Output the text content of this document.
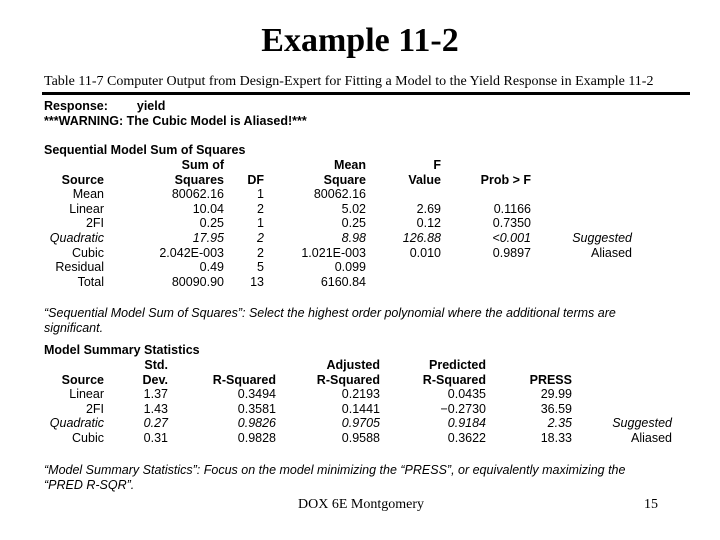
Example 11-2
Table 11-7 Computer Output from Design-Expert for Fitting a Model to the Yield Response in Example 11-2
Response: yield
***WARNING: The Cubic Model is Aliased!***
Sequential Model Sum of Squares
	Sum of		Mean	F		
Source	Squares	DF	Square	Value	Prob > F	
Mean	80062.16	1	80062.16			
Linear	10.04	2	5.02	2.69	0.1166	
2FI	0.25	1	0.25	0.12	0.7350	
Quadratic	17.95	2	8.98	126.88	<0.001	Suggested
Cubic	2.042E-003	2	1.021E-003	0.010	0.9897	Aliased
Residual	0.49	5	0.099			
Total	80090.90	13	6160.84			
“Sequential Model Sum of Squares”: Select the highest order polynomial where the additional terms are
significant.
Model Summary Statistics
	Std.		Adjusted	Predicted		
Source	Dev.	R-Squared	R-Squared	R-Squared	PRESS	
Linear	1.37	0.3494	0.2193	0.0435	29.99	
2FI	1.43	0.3581	0.1441	−0.2730	36.59	
Quadratic	0.27	0.9826	0.9705	0.9184	2.35	Suggested
Cubic	0.31	0.9828	0.9588	0.3622	18.33	Aliased
“Model Summary Statistics”: Focus on the model minimizing the “PRESS”, or equivalently maximizing the
“PRED R-SQR”.
DOX 6E Montgomery	15
